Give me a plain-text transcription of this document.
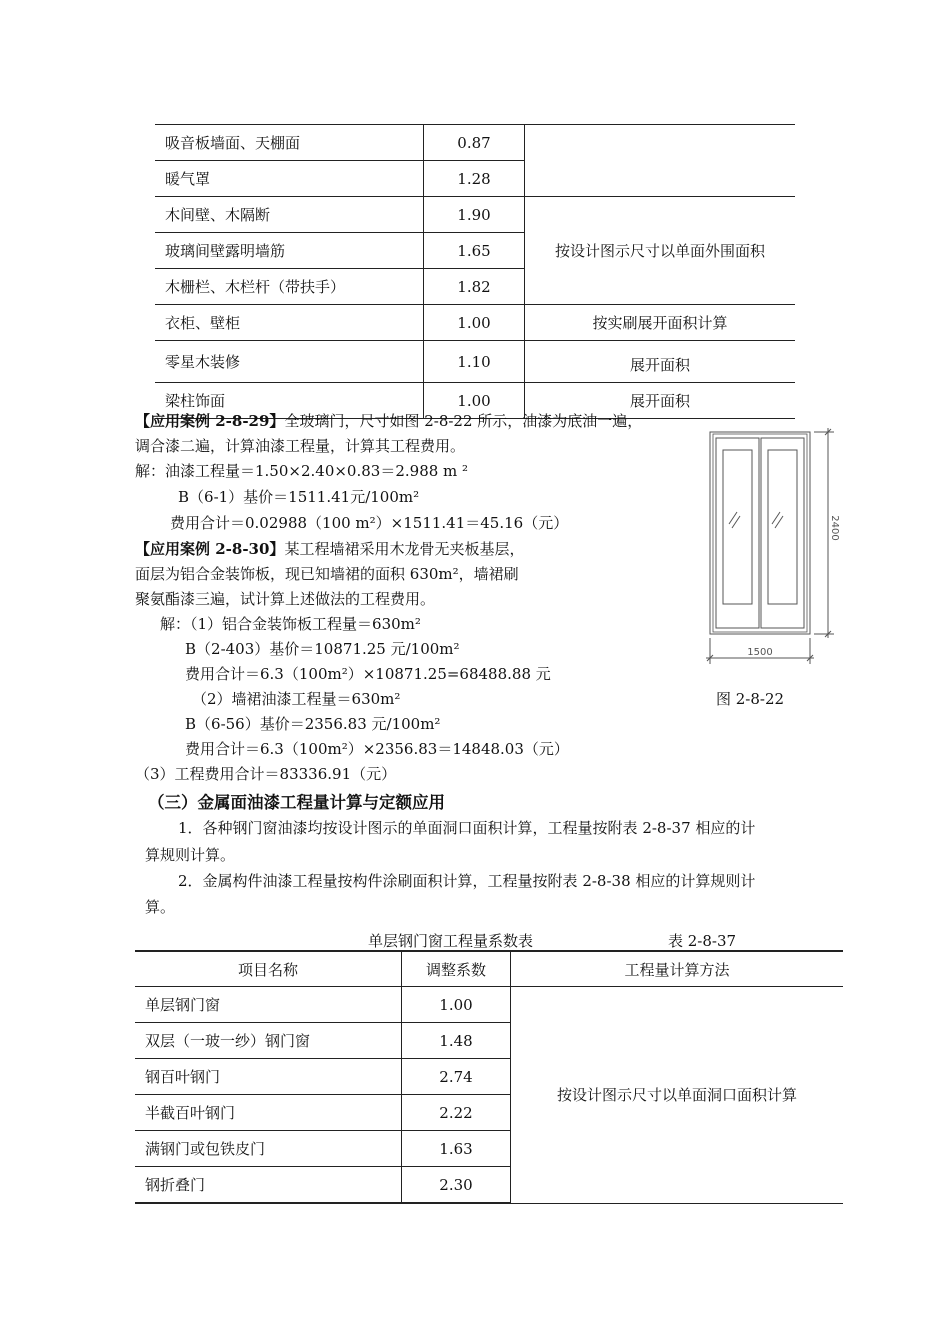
吸音板墙面、天棚面	0.87	
暖气罩	1.28	
木间壁、木隔断	1.90	按设计图示尺寸以单面外围面积
玻璃间壁露明墙筋	1.65	
木栅栏、木栏杆（带扶手）	1.82	
衣柜、壁柜	1.00	按实刷展开面积计算
零星木装修	1.10	展开面积
梁柱饰面	1.00	展开面积
【应用案例 2-8-29】全玻璃门，尺寸如图 2-8-22 所示，油漆为底油一遍，
调合漆二遍，计算油漆工程量，计算其工程费用。
解：油漆工程量＝1.50×2.40×0.83＝2.988 m ²
B（6-1）基价＝1511.41元/100m²
费用合计＝0.02988（100 m²）×1511.41＝45.16（元）
【应用案例 2-8-30】某工程墙裙采用木龙骨无夹板基层，
面层为铝合金装饰板，现已知墙裙的面积 630m²，墙裙刷
聚氨酯漆三遍，试计算上述做法的工程费用。
解：（1）铝合金装饰板工程量＝630m²
B（2-403）基价＝10871.25 元/100m²
费用合计＝6.3（100m²）×10871.25=68488.88 元
（2）墙裙油漆工程量＝630m²
B（6-56）基价＝2356.83 元/100m²
费用合计＝6.3（100m²）×2356.83＝14848.03（元）
（3）工程费用合计＝83336.91（元）
2400
1500
图 2-8-22
（三）金属面油漆工程量计算与定额应用
1．各种钢门窗油漆均按设计图示的单面洞口面积计算，工程量按附表 2-8-37 相应的计
算规则计算。
2．金属构件油漆工程量按构件涂刷面积计算，工程量按附表 2-8-38 相应的计算规则计
算。
单层钢门窗工程量系数表	表 2-8-37
项目名称	调整系数	工程量计算方法
单层钢门窗	1.00	按设计图示尺寸以单面洞口面积计算
双层（一玻一纱）钢门窗	1.48	
钢百叶钢门	2.74	
半截百叶钢门	2.22	
满钢门或包铁皮门	1.63	
钢折叠门	2.30	
